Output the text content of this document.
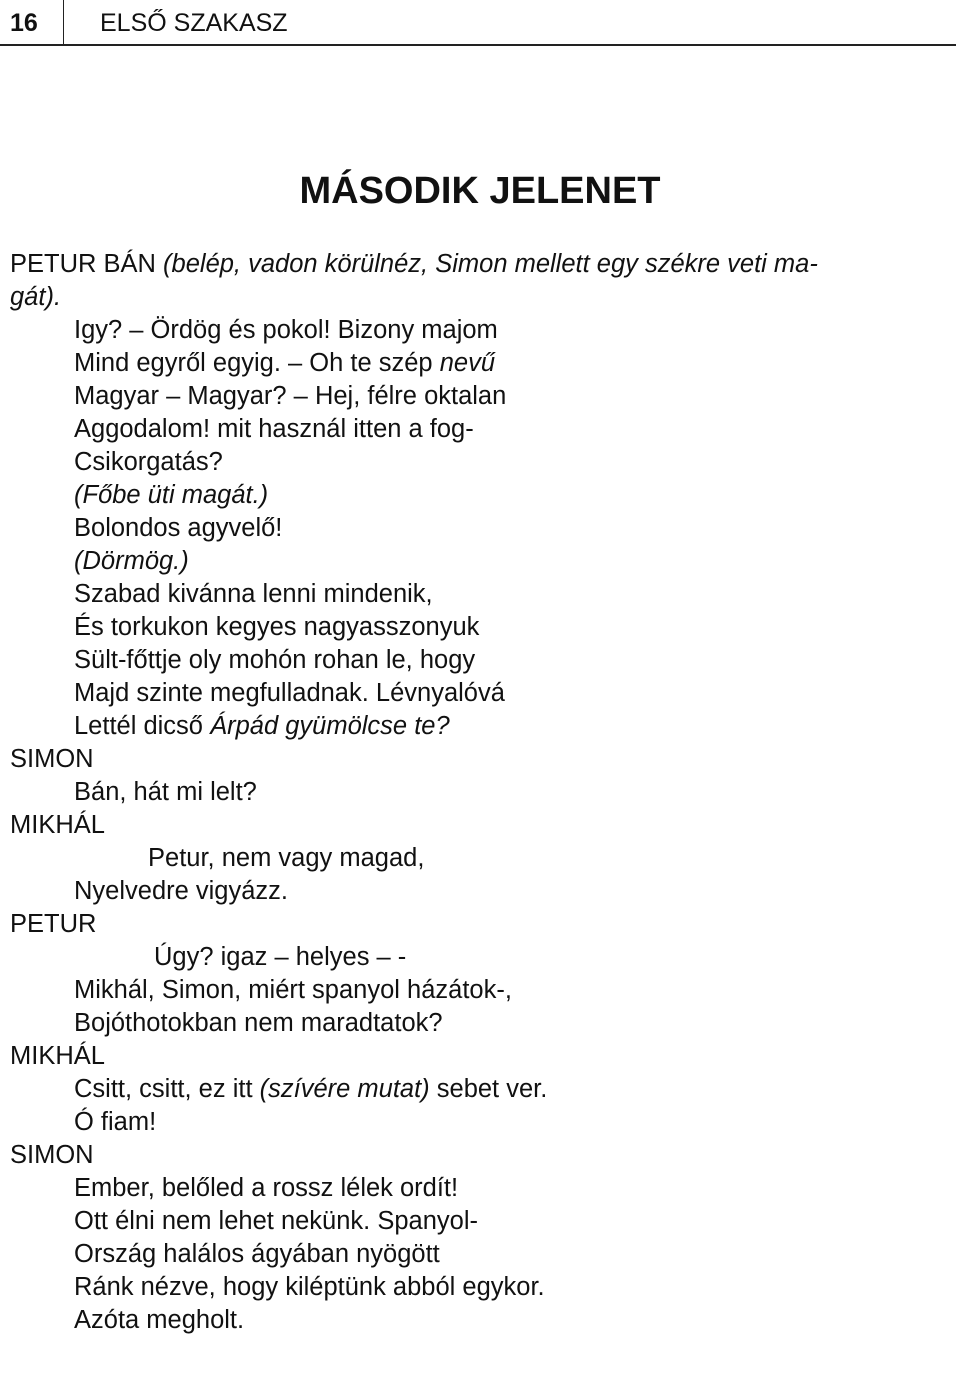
16 ELSŐ SZAKASZ
MÁSODIK JELENET
PETUR BÁN (belép, vadon körülnéz, Simon mellett egy székre veti ma-
gát).
Igy? – Ördög és pokol! Bizony majom
Mind egyről egyig. – Oh te szép nevű
Magyar – Magyar? – Hej, félre oktalan
Aggodalom! mit használ itten a fog-
Csikorgatás?
(Főbe üti magát.)
Bolondos agyvelő!
(Dörmög.)
Szabad kivánna lenni mindenik,
És torkukon kegyes nagyasszonyuk
Sült-főttje oly mohón rohan le, hogy
Majd szinte megfulladnak. Lévnyalóvá
Lettél dicső Árpád gyümölcse te?
SIMON
Bán, hát mi lelt?
MIKHÁL
Petur, nem vagy magad,
Nyelvedre vigyázz.
PETUR
Úgy? igaz – helyes – -
Mikhál, Simon, miért spanyol házátok-,
Bojóthotokban nem maradtatok?
MIKHÁL
Csitt, csitt, ez itt (szívére mutat) sebet ver.
Ó fiam!
SIMON
Ember, belőled a rossz lélek ordít!
Ott élni nem lehet nekünk. Spanyol-
Ország halálos ágyában nyögött
Ránk nézve, hogy kiléptünk abból egykor.
Azóta megholt.
